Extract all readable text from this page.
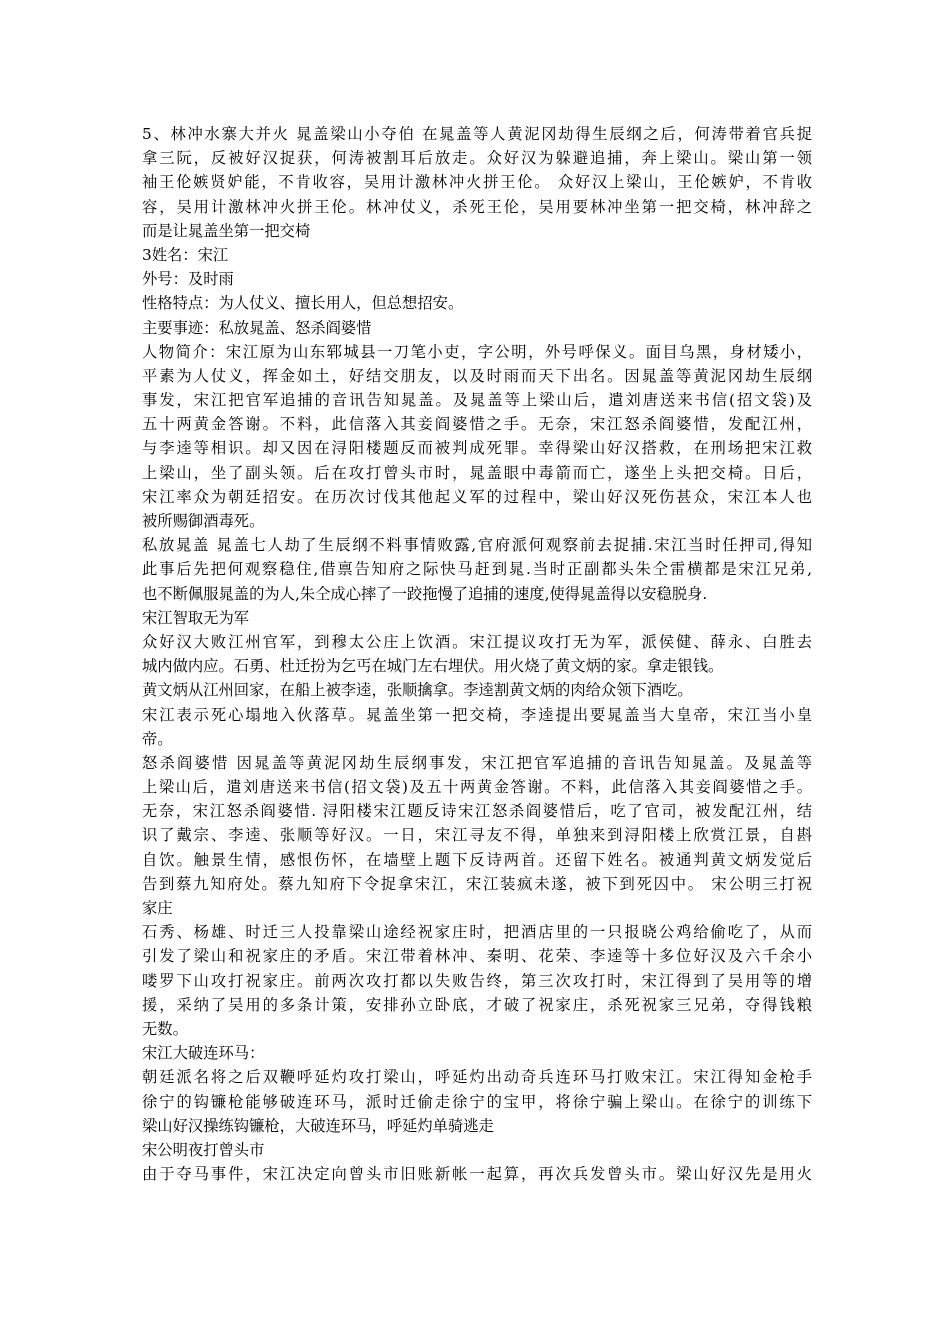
5、林冲水寨大并火 晁盖梁山小夺伯 在晁盖等人黄泥冈劫得生辰纲之后，何涛带着官兵捉
拿三阮，反被好汉捉获，何涛被割耳后放走。众好汉为躲避追捕，奔上梁山。梁山第一领
袖王伦嫉贤妒能，不肯收容，吴用计激林冲火拼王伦。 众好汉上梁山，王伦嫉妒，不肯收
容，吴用计激林冲火拼王伦。林冲仗义，杀死王伦，吴用要林冲坐第一把交椅，林冲辞之
而是让晁盖坐第一把交椅
3姓名：宋江
外号：及时雨
性格特点：为人仗义、擅长用人，但总想招安。
主要事迹：私放晁盖、怒杀阎婆惜
人物简介：宋江原为山东郓城县一刀笔小吏，字公明，外号呼保义。面目乌黑，身材矮小，
平素为人仗义，挥金如土，好结交朋友，以及时雨而天下出名。因晁盖等黄泥冈劫生辰纲
事发，宋江把官军追捕的音讯告知晁盖。及晁盖等上梁山后，遣刘唐送来书信(招文袋)及
五十两黄金答谢。不料，此信落入其妾阎婆惜之手。无奈，宋江怒杀阎婆惜，发配江州，
与李逵等相识。却又因在浔阳楼题反而被判成死罪。幸得梁山好汉搭救，在刑场把宋江救
上梁山，坐了副头领。后在攻打曾头市时，晁盖眼中毒箭而亡，遂坐上头把交椅。日后，
宋江率众为朝廷招安。在历次讨伐其他起义军的过程中，梁山好汉死伤甚众，宋江本人也
被所赐御酒毒死。
私放晁盖 晁盖七人劫了生辰纲不料事情败露,官府派何观察前去捉捕.宋江当时任押司,得知
此事后先把何观察稳住,借禀告知府之际快马赶到晁.当时正副都头朱仝雷横都是宋江兄弟,
也不断佩服晁盖的为人,朱仝成心摔了一跤拖慢了追捕的速度,使得晁盖得以安稳脱身.
宋江智取无为军
众好汉大败江州官军，到穆太公庄上饮酒。宋江提议攻打无为军，派侯健、薛永、白胜去
城内做内应。石勇、杜迁扮为乞丐在城门左右埋伏。用火烧了黄文炳的家。拿走银钱。
黄文炳从江州回家，在船上被李逵，张顺擒拿。李逵割黄文炳的肉给众领下酒吃。
宋江表示死心塌地入伙落草。晁盖坐第一把交椅，李逵提出要晁盖当大皇帝，宋江当小皇
帝。
怒杀阎婆惜 因晁盖等黄泥冈劫生辰纲事发，宋江把官军追捕的音讯告知晁盖。及晁盖等
上梁山后，遣刘唐送来书信(招文袋)及五十两黄金答谢。不料，此信落入其妾阎婆惜之手。
无奈，宋江怒杀阎婆惜. 浔阳楼宋江题反诗宋江怒杀阎婆惜后，吃了官司，被发配江州，结
识了戴宗、李逵、张顺等好汉。一日，宋江寻友不得，单独来到浔阳楼上欣赏江景，自斟
自饮。触景生情，感恨伤怀，在墙壁上题下反诗两首。还留下姓名。被通判黄文炳发觉后
告到蔡九知府处。蔡九知府下令捉拿宋江，宋江装疯未遂，被下到死囚中。 宋公明三打祝
家庄
石秀、杨雄、时迁三人投靠梁山途经祝家庄时，把酒店里的一只报晓公鸡给偷吃了，从而
引发了梁山和祝家庄的矛盾。宋江带着林冲、秦明、花荣、李逵等十多位好汉及六千余小
喽罗下山攻打祝家庄。前两次攻打都以失败告终，第三次攻打时，宋江得到了吴用等的增
援，采纳了吴用的多条计策，安排孙立卧底，才破了祝家庄，杀死祝家三兄弟，夺得钱粮
无数。
宋江大破连环马：
朝廷派名将之后双鞭呼延灼攻打梁山，呼延灼出动奇兵连环马打败宋江。宋江得知金枪手
徐宁的钩镰枪能够破连环马，派时迁偷走徐宁的宝甲，将徐宁骗上梁山。在徐宁的训练下
梁山好汉操练钩镰枪，大破连环马，呼延灼单骑逃走
宋公明夜打曾头市
由于夺马事件，宋江决定向曾头市旧账新帐一起算，再次兵发曾头市。梁山好汉先是用火
